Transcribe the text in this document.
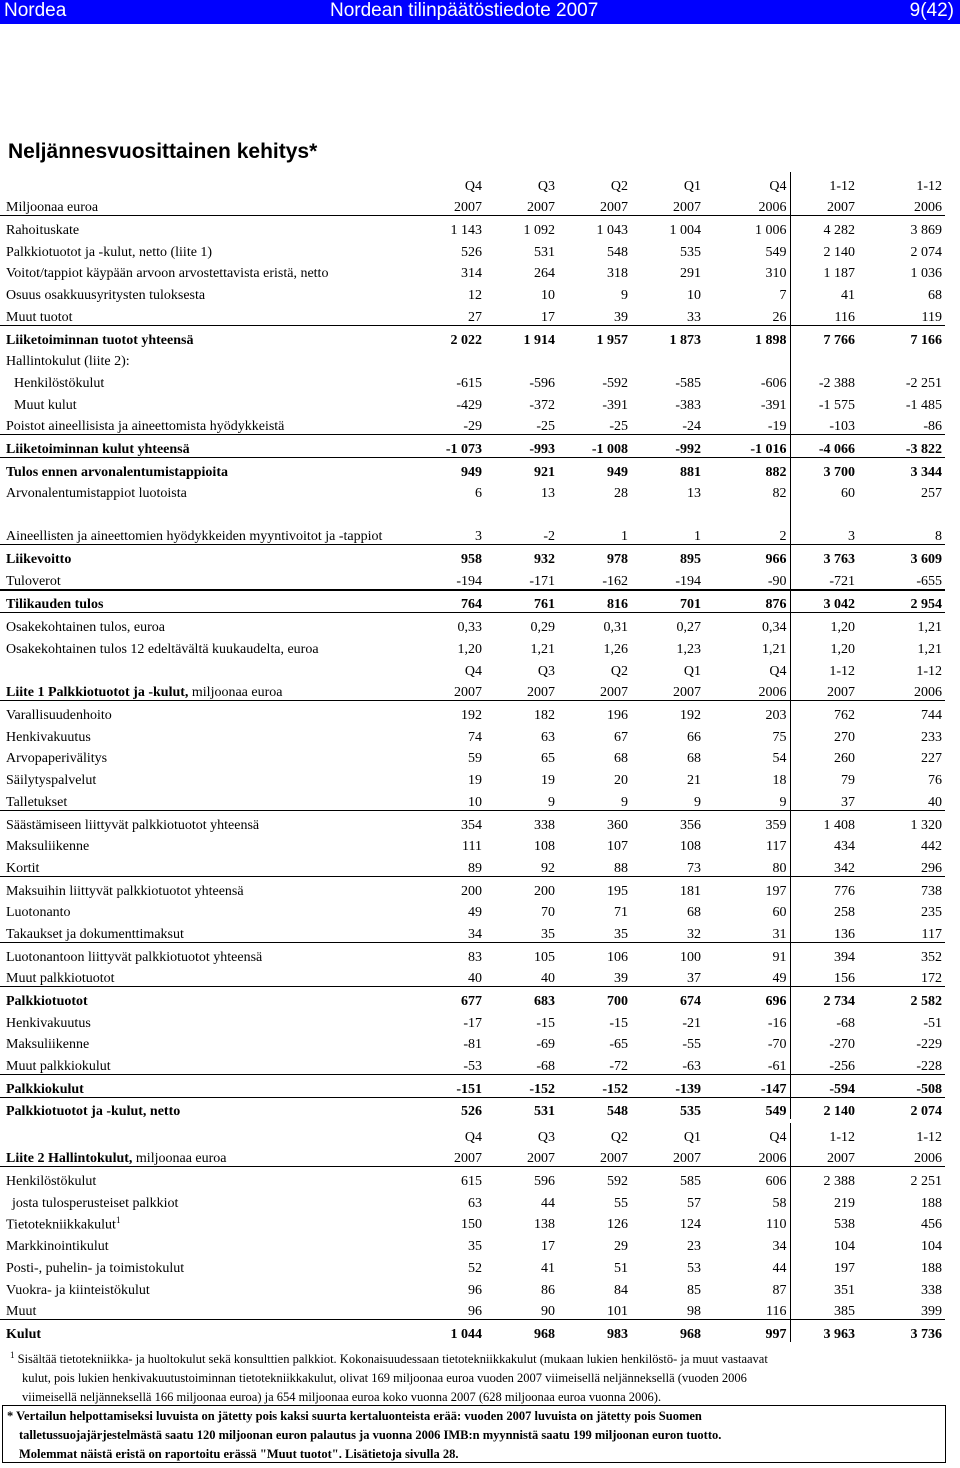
Nordea	Nordean tilinpäätöstiedote 2007	9(42)
Neljännesvuosittainen kehitys*
	Q4	Q3	Q2	Q1	Q4	1-12	1-12
Miljoonaa euroa	2007	2007	2007	2007	2006	2007	2006
Rahoituskate	1 143	1 092	1 043	1 004	1 006	4 282	3 869
Palkkiotuotot ja -kulut, netto (liite 1)	526	531	548	535	549	2 140	2 074
Voitot/tappiot käypään arvoon arvostettavista eristä, netto	314	264	318	291	310	1 187	1 036
Osuus osakkuusyritysten tuloksesta	12	10	9	10	7	41	68
Muut tuotot	27	17	39	33	26	116	119
Liiketoiminnan tuotot yhteensä	2 022	1 914	1 957	1 873	1 898	7 766	7 166
Hallintokulut (liite 2):							
Henkilöstökulut	-615	-596	-592	-585	-606	-2 388	-2 251
Muut kulut	-429	-372	-391	-383	-391	-1 575	-1 485
Poistot aineellisista ja aineettomista hyödykkeistä	-29	-25	-25	-24	-19	-103	-86
Liiketoiminnan kulut yhteensä	-1 073	-993	-1 008	-992	-1 016	-4 066	-3 822
Tulos ennen arvonalentumistappioita	949	921	949	881	882	3 700	3 344
Arvonalentumistappiot luotoista	6	13	28	13	82	60	257
Aineellisten ja aineettomien hyödykkeiden myyntivoitot ja -tappiot	3	-2	1	1	2	3	8
Liikevoitto	958	932	978	895	966	3 763	3 609
Tuloverot	-194	-171	-162	-194	-90	-721	-655
Tilikauden tulos	764	761	816	701	876	3 042	2 954
Osakekohtainen tulos, euroa	0,33	0,29	0,31	0,27	0,34	1,20	1,21
Osakekohtainen tulos 12 edeltävältä kuukaudelta, euroa	1,20	1,21	1,26	1,23	1,21	1,20	1,21
	Q4	Q3	Q2	Q1	Q4	1-12	1-12
Liite 1 Palkkiotuotot ja -kulut, miljoonaa euroa	2007	2007	2007	2007	2006	2007	2006
Varallisuudenhoito	192	182	196	192	203	762	744
Henkivakuutus	74	63	67	66	75	270	233
Arvopaperivälitys	59	65	68	68	54	260	227
Säilytyspalvelut	19	19	20	21	18	79	76
Talletukset	10	9	9	9	9	37	40
Säästämiseen liittyvät palkkiotuotot yhteensä	354	338	360	356	359	1 408	1 320
Maksuliikenne	111	108	107	108	117	434	442
Kortit	89	92	88	73	80	342	296
Maksuihin liittyvät palkkiotuotot yhteensä	200	200	195	181	197	776	738
Luotonanto	49	70	71	68	60	258	235
Takaukset ja dokumenttimaksut	34	35	35	32	31	136	117
Luotonantoon liittyvät palkkiotuotot yhteensä	83	105	106	100	91	394	352
Muut palkkiotuotot	40	40	39	37	49	156	172
Palkkiotuotot	677	683	700	674	696	2 734	2 582
Henkivakuutus	-17	-15	-15	-21	-16	-68	-51
Maksuliikenne	-81	-69	-65	-55	-70	-270	-229
Muut palkkiokulut	-53	-68	-72	-63	-61	-256	-228
Palkkiokulut	-151	-152	-152	-139	-147	-594	-508
Palkkiotuotot ja -kulut, netto	526	531	548	535	549	2 140	2 074
	Q4	Q3	Q2	Q1	Q4	1-12	1-12
Liite 2 Hallintokulut, miljoonaa euroa	2007	2007	2007	2007	2006	2007	2006
Henkilöstökulut	615	596	592	585	606	2 388	2 251
josta tulosperusteiset palkkiot	63	44	55	57	58	219	188
Tietotekniikkakulut$^1$	150	138	126	124	110	538	456
Markkinointikulut	35	17	29	23	34	104	104
Posti-, puhelin- ja toimistokulut	52	41	51	53	44	197	188
Vuokra- ja kiinteistökulut	96	86	84	85	87	351	338
Muut	96	90	101	98	116	385	399
Kulut	1 044	968	983	968	997	3 963	3 736
$^1$ Sisältää tietotekniikka- ja huoltokulut sekä konsulttien palkkiot. Kokonaisuudessaan tietotekniikkakulut (mukaan lukien henkilöstö- ja muut vastaavat
kulut, pois lukien henkivakuutustoiminnan tietotekniikkakulut, olivat 169 miljoonaa euroa vuoden 2007 viimeisellä neljänneksellä (vuoden 2006
viimeisellä neljänneksellä 166 miljoonaa euroa) ja 654 miljoonaa euroa koko vuonna 2007 (628 miljoonaa euroa vuonna 2006).
* Vertailun helpottamiseksi luvuista on jätetty pois kaksi suurta kertaluonteista erää: vuoden 2007 luvuista on jätetty pois Suomen
talletussuojajärjestelmästä saatu 120 miljoonan euron palautus ja vuonna 2006 IMB:n myynnistä saatu 199 miljoonan euron tuotto.
Molemmat näistä eristä on raportoitu erässä "Muut tuotot". Lisätietoja sivulla 28.
